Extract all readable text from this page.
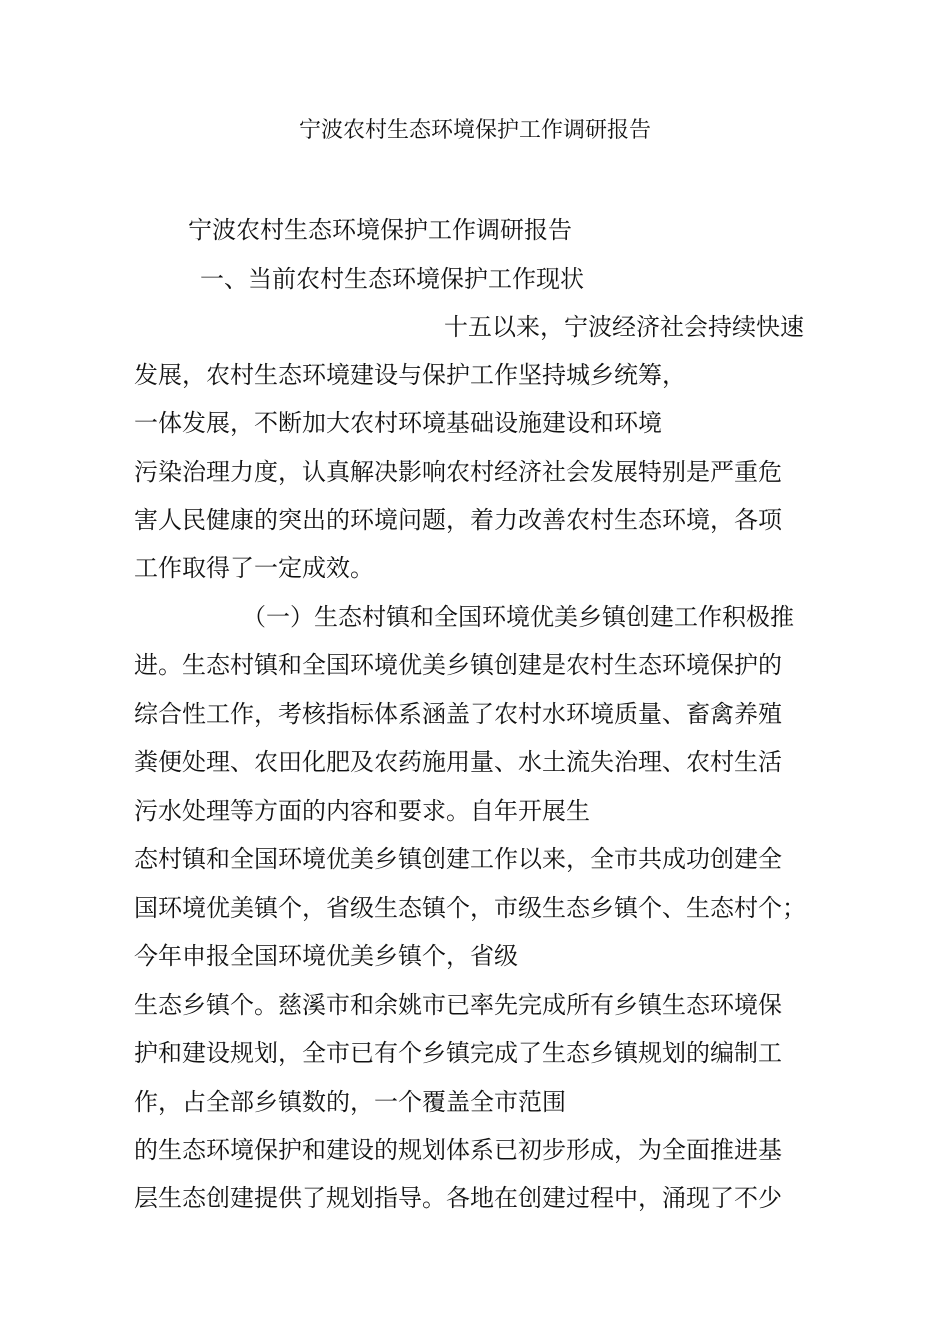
宁波农村生态环境保护工作调研报告
宁波农村生态环境保护工作调研报告
一、当前农村生态环境保护工作现状
十五以来，宁波经济社会持续快速
发展，农村生态环境建设与保护工作坚持城乡统筹，
一体发展，不断加大农村环境基础设施建设和环境
污染治理力度，认真解决影响农村经济社会发展特别是严重危
害人民健康的突出的环境问题，着力改善农村生态环境，各项
工作取得了一定成效。
（一）生态村镇和全国环境优美乡镇创建工作积极推
进。生态村镇和全国环境优美乡镇创建是农村生态环境保护的
综合性工作，考核指标体系涵盖了农村水环境质量、畜禽养殖
粪便处理、农田化肥及农药施用量、水土流失治理、农村生活
污水处理等方面的内容和要求。自年开展生
态村镇和全国环境优美乡镇创建工作以来，全市共成功创建全
国环境优美镇个，省级生态镇个，市级生态乡镇个、生态村个；
今年申报全国环境优美乡镇个，省级
生态乡镇个。慈溪市和余姚市已率先完成所有乡镇生态环境保
护和建设规划，全市已有个乡镇完成了生态乡镇规划的编制工
作，占全部乡镇数的，一个覆盖全市范围
的生态环境保护和建设的规划体系已初步形成，为全面推进基
层生态创建提供了规划指导。各地在创建过程中，涌现了不少
